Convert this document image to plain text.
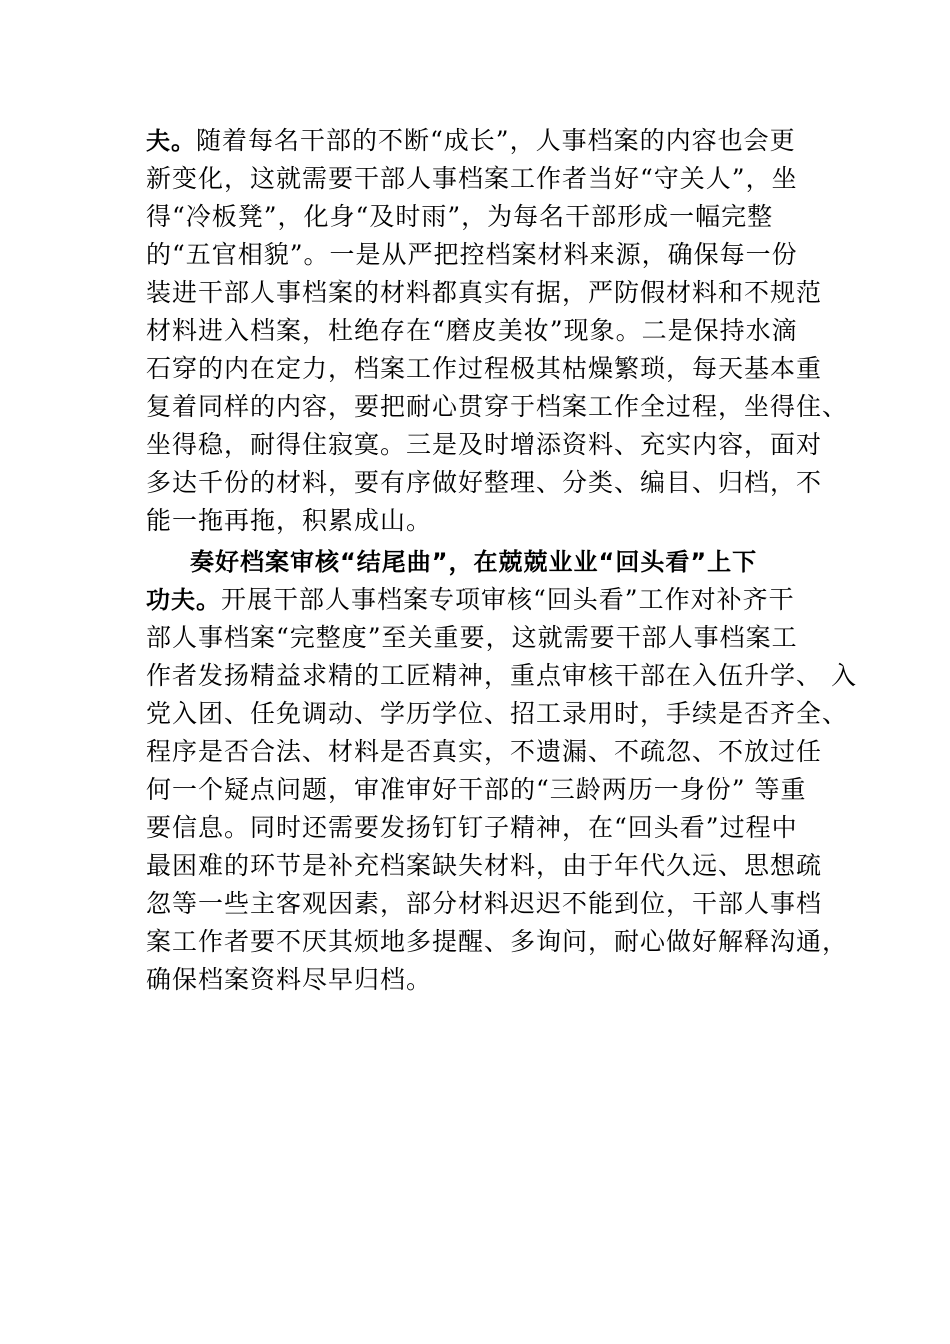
夫。随着每名干部的不断“成长”，人事档案的内容也会更
新变化，这就需要干部人事档案工作者当好“守关人”，坐
得“冷板凳”，化身“及时雨”，为每名干部形成一幅完整
的“五官相貌”。一是从严把控档案材料来源，确保每一份
装进干部人事档案的材料都真实有据，严防假材料和不规范
材料进入档案，杜绝存在“磨皮美妆”现象。二是保持水滴
石穿的内在定力，档案工作过程极其枯燥繁琐，每天基本重
复着同样的内容，要把耐心贯穿于档案工作全过程，坐得住、
坐得稳，耐得住寂寞。三是及时增添资料、充实内容，面对
多达千份的材料，要有序做好整理、分类、编目、归档，不
能一拖再拖，积累成山。
奏好档案审核“结尾曲”，在兢兢业业“回头看”上下
功夫。开展干部人事档案专项审核“回头看”工作对补齐干
部人事档案“完整度”至关重要，这就需要干部人事档案工
作者发扬精益求精的工匠精神，重点审核干部在入伍升学、 入
党入团、任免调动、学历学位、招工录用时，手续是否齐全、
程序是否合法、材料是否真实，不遗漏、不疏忽、不放过任
何一个疑点问题，审准审好干部的“三龄两历一身份” 等重
要信息。同时还需要发扬钉钉子精神，在“回头看”过程中
最困难的环节是补充档案缺失材料，由于年代久远、思想疏
忽等一些主客观因素，部分材料迟迟不能到位，干部人事档
案工作者要不厌其烦地多提醒、多询问，耐心做好解释沟通，
确保档案资料尽早归档。
